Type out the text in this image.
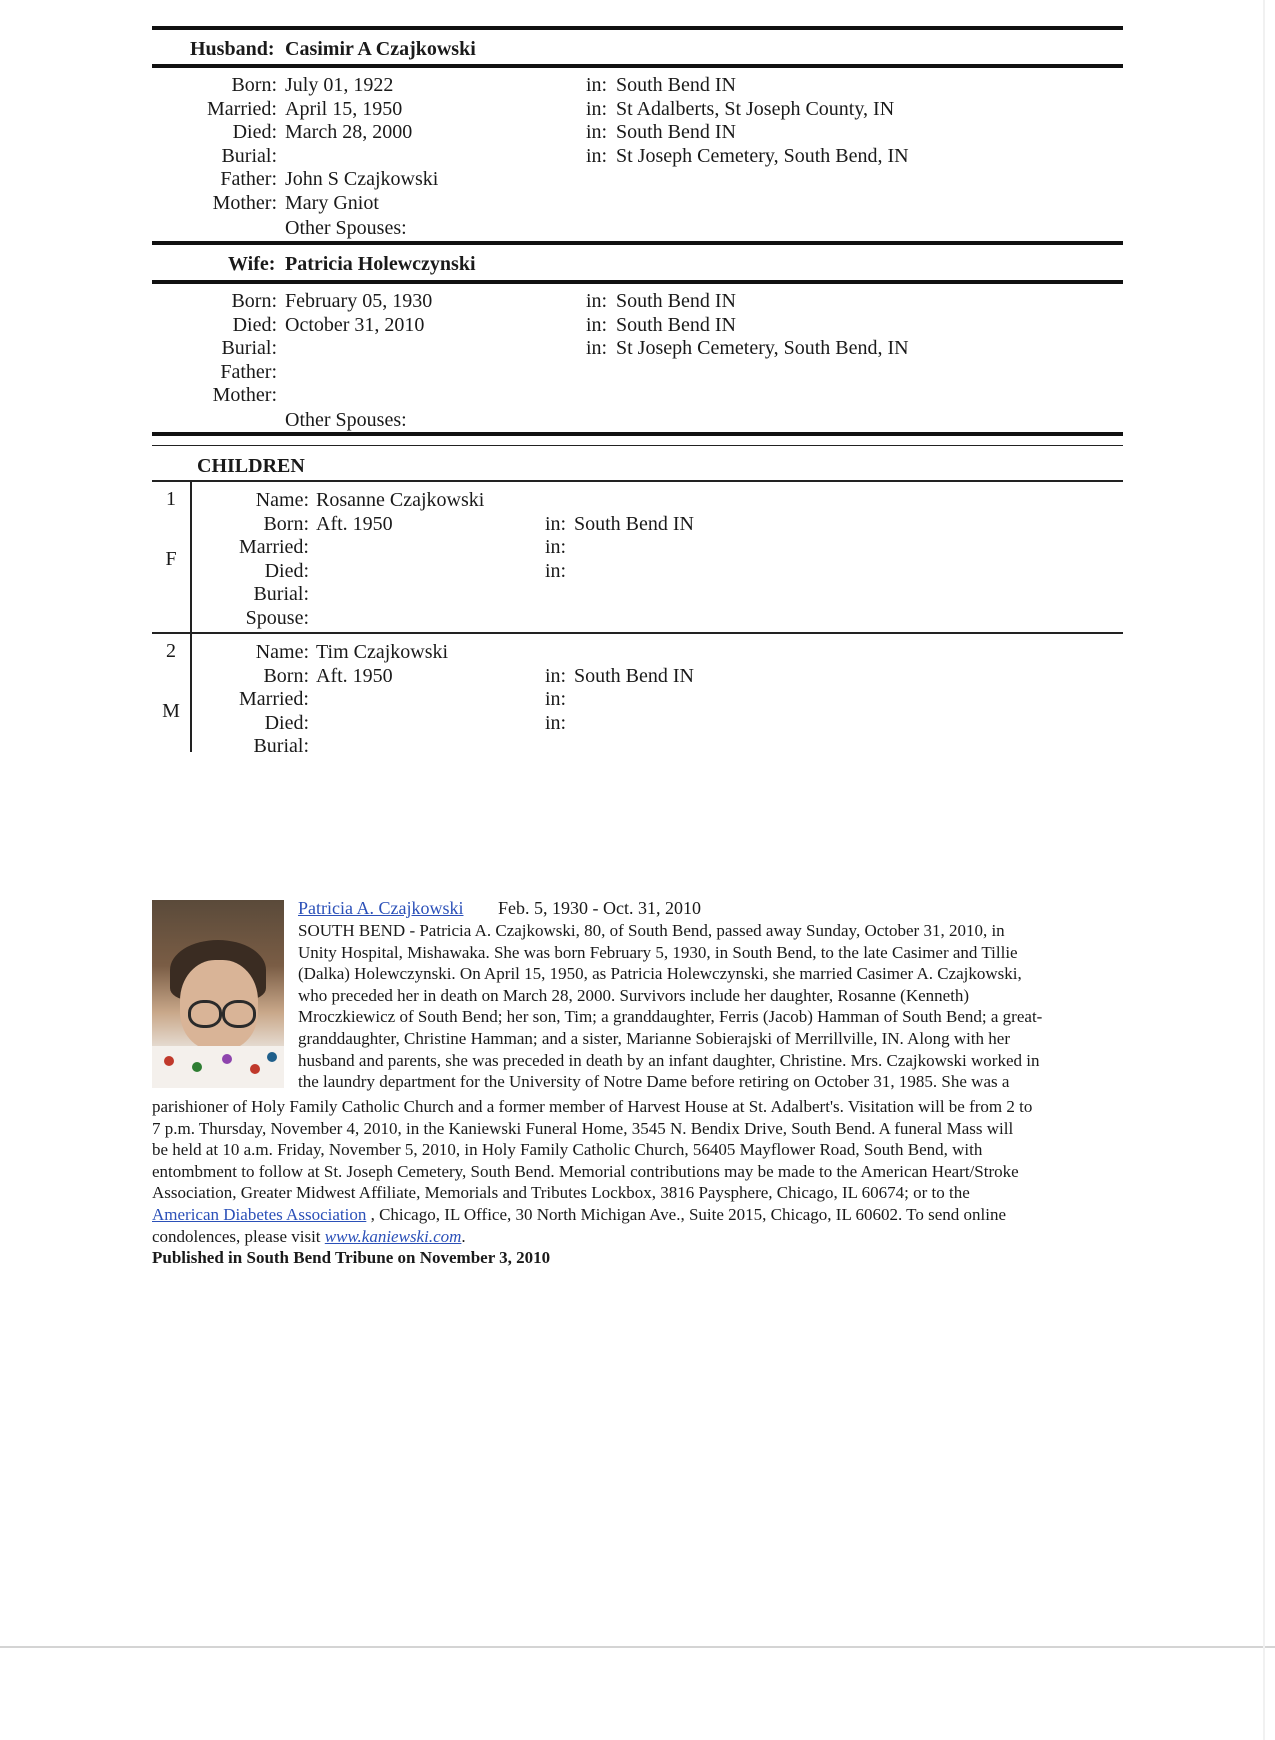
Husband: Casimir A Czajkowski
Born: July 01, 1922	in: South Bend IN
Married: April 15, 1950	in: St Adalberts, St Joseph County, IN
Died: March 28, 2000	in: South Bend IN
Burial:	in: St Joseph Cemetery, South Bend, IN
Father: John S Czajkowski
Mother: Mary Gniot
Other Spouses:
Wife: Patricia Holewczynski
Born: February 05, 1930	in: South Bend IN
Died: October 31, 2010	in: South Bend IN
Burial:	in: St Joseph Cemetery, South Bend, IN
Father:
Mother:
Other Spouses:
CHILDREN
1
F
Name: Rosanne Czajkowski
Born: Aft. 1950	in: South Bend IN
Married:	in:
Died:	in:
Burial:
Spouse:
2
M
Name: Tim Czajkowski
Born: Aft. 1950	in: South Bend IN
Married:	in:
Died:	in:
Burial:
Patricia A. Czajkowski Feb. 5, 1930 - Oct. 31, 2010
SOUTH BEND - Patricia A. Czajkowski, 80, of South Bend, passed away Sunday, October 31, 2010, in
Unity Hospital, Mishawaka. She was born February 5, 1930, in South Bend, to the late Casimer and Tillie
(Dalka) Holewczynski. On April 15, 1950, as Patricia Holewczynski, she married Casimer A. Czajkowski,
who preceded her in death on March 28, 2000. Survivors include her daughter, Rosanne (Kenneth)
Mroczkiewicz of South Bend; her son, Tim; a granddaughter, Ferris (Jacob) Hamman of South Bend; a great-
granddaughter, Christine Hamman; and a sister, Marianne Sobierajski of Merrillville, IN. Along with her
husband and parents, she was preceded in death by an infant daughter, Christine. Mrs. Czajkowski worked in
the laundry department for the University of Notre Dame before retiring on October 31, 1985. She was a
parishioner of Holy Family Catholic Church and a former member of Harvest House at St. Adalbert's. Visitation will be from 2 to
7 p.m. Thursday, November 4, 2010, in the Kaniewski Funeral Home, 3545 N. Bendix Drive, South Bend. A funeral Mass will
be held at 10 a.m. Friday, November 5, 2010, in Holy Family Catholic Church, 56405 Mayflower Road, South Bend, with
entombment to follow at St. Joseph Cemetery, South Bend. Memorial contributions may be made to the American Heart/Stroke
Association, Greater Midwest Affiliate, Memorials and Tributes Lockbox, 3816 Paysphere, Chicago, IL 60674; or to the
American Diabetes Association , Chicago, IL Office, 30 North Michigan Ave., Suite 2015, Chicago, IL 60602. To send online
condolences, please visit www.kaniewski.com.
Published in South Bend Tribune on November 3, 2010
